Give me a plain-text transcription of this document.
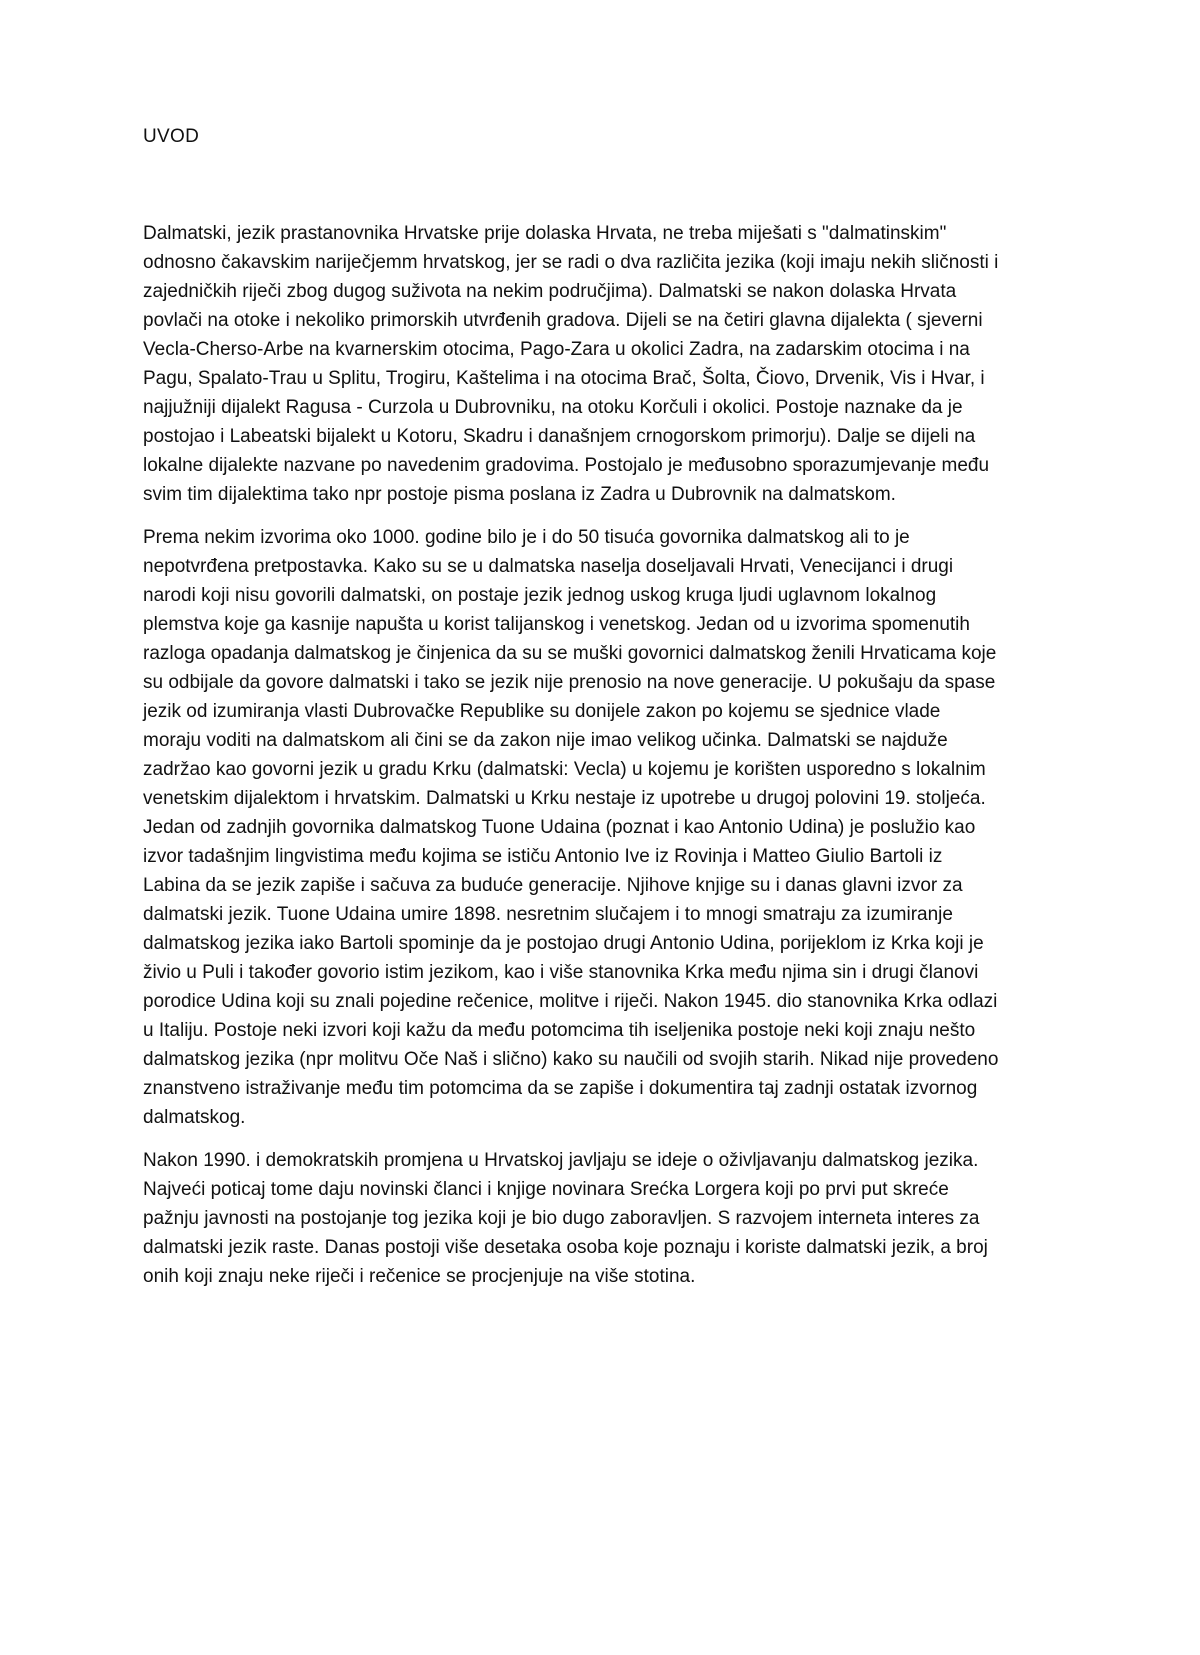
UVOD
Dalmatski, jezik prastanovnika Hrvatske prije dolaska Hrvata, ne treba miješati s "dalmatinskim"
odnosno čakavskim nariječjemm hrvatskog, jer se radi o dva različita jezika (koji imaju nekih sličnosti i
zajedničkih riječi zbog dugog suživota na nekim područjima). Dalmatski se nakon dolaska Hrvata
povlači na otoke i nekoliko primorskih utvrđenih gradova. Dijeli se na četiri glavna dijalekta ( sjeverni
Vecla-Cherso-Arbe na kvarnerskim otocima, Pago-Zara u okolici Zadra, na zadarskim otocima i na
Pagu, Spalato-Trau u Splitu, Trogiru, Kaštelima i na otocima Brač, Šolta, Čiovo, Drvenik, Vis i Hvar, i
najjužniji dijalekt Ragusa - Curzola u Dubrovniku, na otoku Korčuli i okolici. Postoje naznake da je
postojao i Labeatski bijalekt u Kotoru, Skadru i današnjem crnogorskom primorju). Dalje se dijeli na
lokalne dijalekte nazvane po navedenim gradovima. Postojalo je međusobno sporazumjevanje među
svim tim dijalektima tako npr postoje pisma poslana iz Zadra u Dubrovnik na dalmatskom.
Prema nekim izvorima oko 1000. godine bilo je i do 50 tisuća govornika dalmatskog ali to je
nepotvrđena pretpostavka. Kako su se u dalmatska naselja doseljavali Hrvati, Venecijanci i drugi
narodi koji nisu govorili dalmatski, on postaje jezik jednog uskog kruga ljudi uglavnom lokalnog
plemstva koje ga kasnije napušta u korist talijanskog i venetskog. Jedan od u izvorima spomenutih
razloga opadanja dalmatskog je činjenica da su se muški govornici dalmatskog ženili Hrvaticama koje
su odbijale da govore dalmatski i tako se jezik nije prenosio na nove generacije. U pokušaju da spase
jezik od izumiranja vlasti Dubrovačke Republike su donijele zakon po kojemu se sjednice vlade
moraju voditi na dalmatskom ali čini se da zakon nije imao velikog učinka. Dalmatski se najduže
zadržao kao govorni jezik u gradu Krku (dalmatski: Vecla) u kojemu je korišten usporedno s lokalnim
venetskim dijalektom i hrvatskim. Dalmatski u Krku nestaje iz upotrebe u drugoj polovini 19. stoljeća.
Jedan od zadnjih govornika dalmatskog Tuone Udaina (poznat i kao Antonio Udina) je poslužio kao
izvor tadašnjim lingvistima među kojima se ističu Antonio Ive iz Rovinja i Matteo Giulio Bartoli iz
Labina da se jezik zapiše i sačuva za buduće generacije. Njihove knjige su i danas glavni izvor za
dalmatski jezik. Tuone Udaina umire 1898. nesretnim slučajem i to mnogi smatraju za izumiranje
dalmatskog jezika iako Bartoli spominje da je postojao drugi Antonio Udina, porijeklom iz Krka koji je
živio u Puli i također govorio istim jezikom, kao i više stanovnika Krka među njima sin i drugi članovi
porodice Udina koji su znali pojedine rečenice, molitve i riječi. Nakon 1945. dio stanovnika Krka odlazi
u Italiju. Postoje neki izvori koji kažu da među potomcima tih iseljenika postoje neki koji znaju nešto
dalmatskog jezika (npr molitvu Oče Naš i slično) kako su naučili od svojih starih. Nikad nije provedeno
znanstveno istraživanje među tim potomcima da se zapiše i dokumentira taj zadnji ostatak izvornog
dalmatskog.
Nakon 1990. i demokratskih promjena u Hrvatskoj javljaju se ideje o oživljavanju dalmatskog jezika.
Najveći poticaj tome daju novinski članci i knjige novinara Srećka Lorgera koji po prvi put skreće
pažnju javnosti na postojanje tog jezika koji je bio dugo zaboravljen. S razvojem interneta interes za
dalmatski jezik raste. Danas postoji više desetaka osoba koje poznaju i koriste dalmatski jezik, a broj
onih koji znaju neke riječi i rečenice se procjenjuje na više stotina.
